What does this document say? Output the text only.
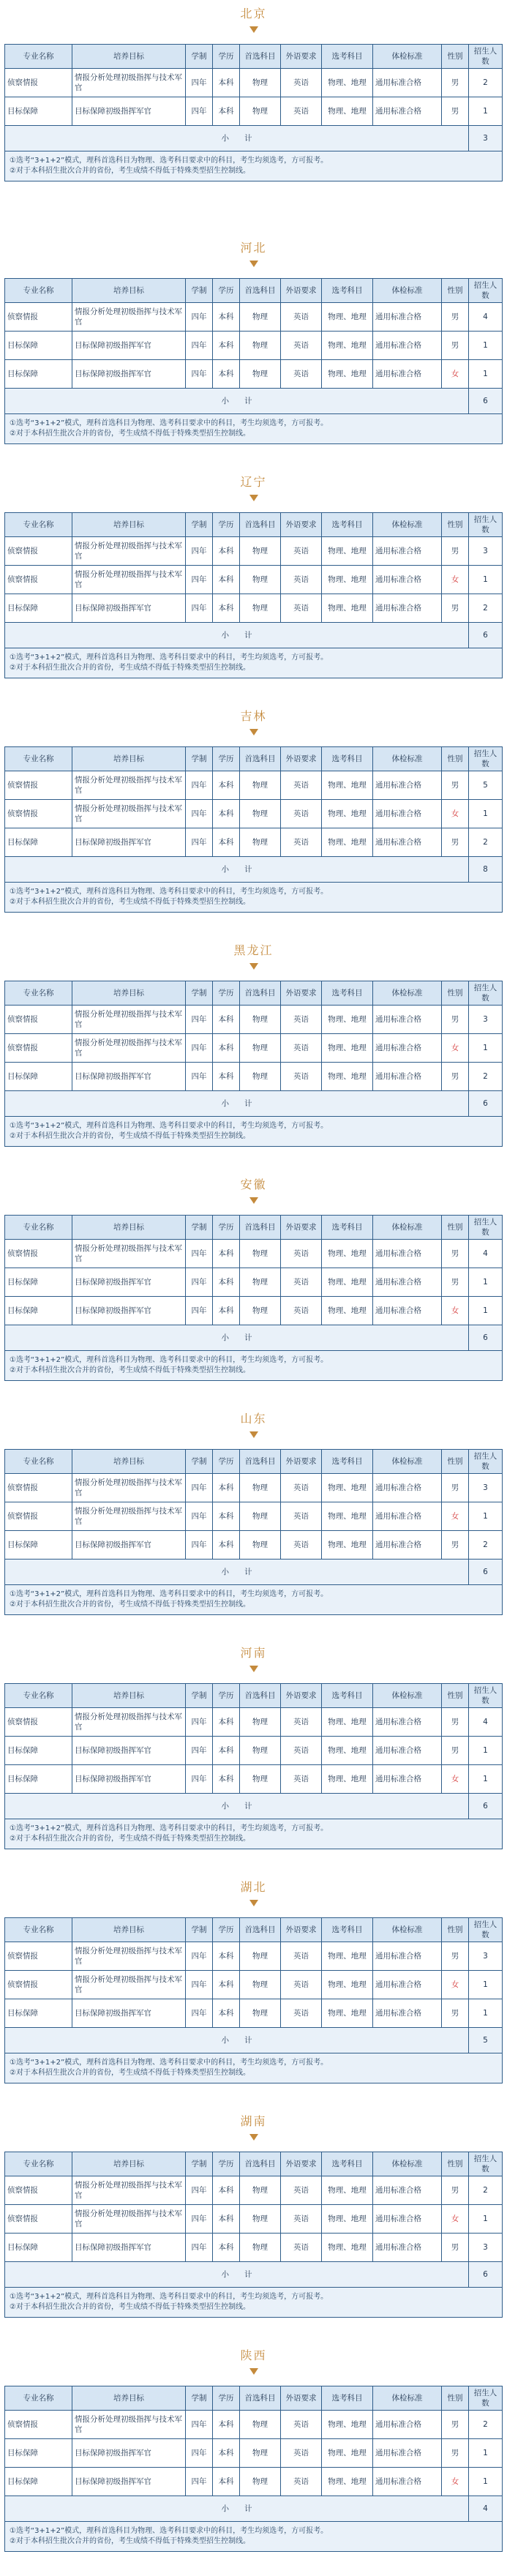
北京
专业名称	培养目标	学制	学历	首选科目	外语要求	选考科目	体检标准	性别	招生人数
侦察情报	情报分析处理初级指挥与技术军官	四年	本科	物理	英语	物理、地理	通用标准合格	男	2
目标保障	目标保障初级指挥军官	四年	本科	物理	英语	物理、地理	通用标准合格	男	1
小　　计									3

①选考“3+1+2”模式，理科首选科目为物理、选考科目要求中的科目，考生均须选考，方可报考。
②对于本科招生批次合并的省份，考生成绩不得低于特殊类型招生控制线。									
河北
专业名称	培养目标	学制	学历	首选科目	外语要求	选考科目	体检标准	性别	招生人数
侦察情报	情报分析处理初级指挥与技术军官	四年	本科	物理	英语	物理、地理	通用标准合格	男	4
目标保障	目标保障初级指挥军官	四年	本科	物理	英语	物理、地理	通用标准合格	男	1
目标保障	目标保障初级指挥军官	四年	本科	物理	英语	物理、地理	通用标准合格	女	1
小　　计									6

①选考“3+1+2”模式，理科首选科目为物理、选考科目要求中的科目，考生均须选考，方可报考。
②对于本科招生批次合并的省份，考生成绩不得低于特殊类型招生控制线。									
辽宁
专业名称	培养目标	学制	学历	首选科目	外语要求	选考科目	体检标准	性别	招生人数
侦察情报	情报分析处理初级指挥与技术军官	四年	本科	物理	英语	物理、地理	通用标准合格	男	3
侦察情报	情报分析处理初级指挥与技术军官	四年	本科	物理	英语	物理、地理	通用标准合格	女	1
目标保障	目标保障初级指挥军官	四年	本科	物理	英语	物理、地理	通用标准合格	男	2
小　　计									6

①选考“3+1+2”模式，理科首选科目为物理、选考科目要求中的科目，考生均须选考，方可报考。
②对于本科招生批次合并的省份，考生成绩不得低于特殊类型招生控制线。									
吉林
专业名称	培养目标	学制	学历	首选科目	外语要求	选考科目	体检标准	性别	招生人数
侦察情报	情报分析处理初级指挥与技术军官	四年	本科	物理	英语	物理、地理	通用标准合格	男	5
侦察情报	情报分析处理初级指挥与技术军官	四年	本科	物理	英语	物理、地理	通用标准合格	女	1
目标保障	目标保障初级指挥军官	四年	本科	物理	英语	物理、地理	通用标准合格	男	2
小　　计									8

①选考“3+1+2”模式，理科首选科目为物理、选考科目要求中的科目，考生均须选考，方可报考。
②对于本科招生批次合并的省份，考生成绩不得低于特殊类型招生控制线。									
黑龙江
专业名称	培养目标	学制	学历	首选科目	外语要求	选考科目	体检标准	性别	招生人数
侦察情报	情报分析处理初级指挥与技术军官	四年	本科	物理	英语	物理、地理	通用标准合格	男	3
侦察情报	情报分析处理初级指挥与技术军官	四年	本科	物理	英语	物理、地理	通用标准合格	女	1
目标保障	目标保障初级指挥军官	四年	本科	物理	英语	物理、地理	通用标准合格	男	2
小　　计									6

①选考“3+1+2”模式，理科首选科目为物理、选考科目要求中的科目，考生均须选考，方可报考。
②对于本科招生批次合并的省份，考生成绩不得低于特殊类型招生控制线。									
安徽
专业名称	培养目标	学制	学历	首选科目	外语要求	选考科目	体检标准	性别	招生人数
侦察情报	情报分析处理初级指挥与技术军官	四年	本科	物理	英语	物理、地理	通用标准合格	男	4
目标保障	目标保障初级指挥军官	四年	本科	物理	英语	物理、地理	通用标准合格	男	1
目标保障	目标保障初级指挥军官	四年	本科	物理	英语	物理、地理	通用标准合格	女	1
小　　计									6

①选考“3+1+2”模式，理科首选科目为物理、选考科目要求中的科目，考生均须选考，方可报考。
②对于本科招生批次合并的省份，考生成绩不得低于特殊类型招生控制线。									
山东
专业名称	培养目标	学制	学历	首选科目	外语要求	选考科目	体检标准	性别	招生人数
侦察情报	情报分析处理初级指挥与技术军官	四年	本科	物理	英语	物理、地理	通用标准合格	男	3
侦察情报	情报分析处理初级指挥与技术军官	四年	本科	物理	英语	物理、地理	通用标准合格	女	1
目标保障	目标保障初级指挥军官	四年	本科	物理	英语	物理、地理	通用标准合格	男	2
小　　计									6

①选考“3+1+2”模式，理科首选科目为物理、选考科目要求中的科目，考生均须选考，方可报考。
②对于本科招生批次合并的省份，考生成绩不得低于特殊类型招生控制线。									
河南
专业名称	培养目标	学制	学历	首选科目	外语要求	选考科目	体检标准	性别	招生人数
侦察情报	情报分析处理初级指挥与技术军官	四年	本科	物理	英语	物理、地理	通用标准合格	男	4
目标保障	目标保障初级指挥军官	四年	本科	物理	英语	物理、地理	通用标准合格	男	1
目标保障	目标保障初级指挥军官	四年	本科	物理	英语	物理、地理	通用标准合格	女	1
小　　计									6

①选考“3+1+2”模式，理科首选科目为物理、选考科目要求中的科目，考生均须选考，方可报考。
②对于本科招生批次合并的省份，考生成绩不得低于特殊类型招生控制线。									
湖北
专业名称	培养目标	学制	学历	首选科目	外语要求	选考科目	体检标准	性别	招生人数
侦察情报	情报分析处理初级指挥与技术军官	四年	本科	物理	英语	物理、地理	通用标准合格	男	3
侦察情报	情报分析处理初级指挥与技术军官	四年	本科	物理	英语	物理、地理	通用标准合格	女	1
目标保障	目标保障初级指挥军官	四年	本科	物理	英语	物理、地理	通用标准合格	男	1
小　　计									5

①选考“3+1+2”模式，理科首选科目为物理、选考科目要求中的科目，考生均须选考，方可报考。
②对于本科招生批次合并的省份，考生成绩不得低于特殊类型招生控制线。									
湖南
专业名称	培养目标	学制	学历	首选科目	外语要求	选考科目	体检标准	性别	招生人数
侦察情报	情报分析处理初级指挥与技术军官	四年	本科	物理	英语	物理、地理	通用标准合格	男	2
侦察情报	情报分析处理初级指挥与技术军官	四年	本科	物理	英语	物理、地理	通用标准合格	女	1
目标保障	目标保障初级指挥军官	四年	本科	物理	英语	物理、地理	通用标准合格	男	3
小　　计									6

①选考“3+1+2”模式，理科首选科目为物理、选考科目要求中的科目，考生均须选考，方可报考。
②对于本科招生批次合并的省份，考生成绩不得低于特殊类型招生控制线。									
陕西
专业名称	培养目标	学制	学历	首选科目	外语要求	选考科目	体检标准	性别	招生人数
侦察情报	情报分析处理初级指挥与技术军官	四年	本科	物理	英语	物理、地理	通用标准合格	男	2
目标保障	目标保障初级指挥军官	四年	本科	物理	英语	物理、地理	通用标准合格	男	1
目标保障	目标保障初级指挥军官	四年	本科	物理	英语	物理、地理	通用标准合格	女	1
小　　计									4

①选考“3+1+2”模式，理科首选科目为物理、选考科目要求中的科目，考生均须选考，方可报考。
②对于本科招生批次合并的省份，考生成绩不得低于特殊类型招生控制线。									
